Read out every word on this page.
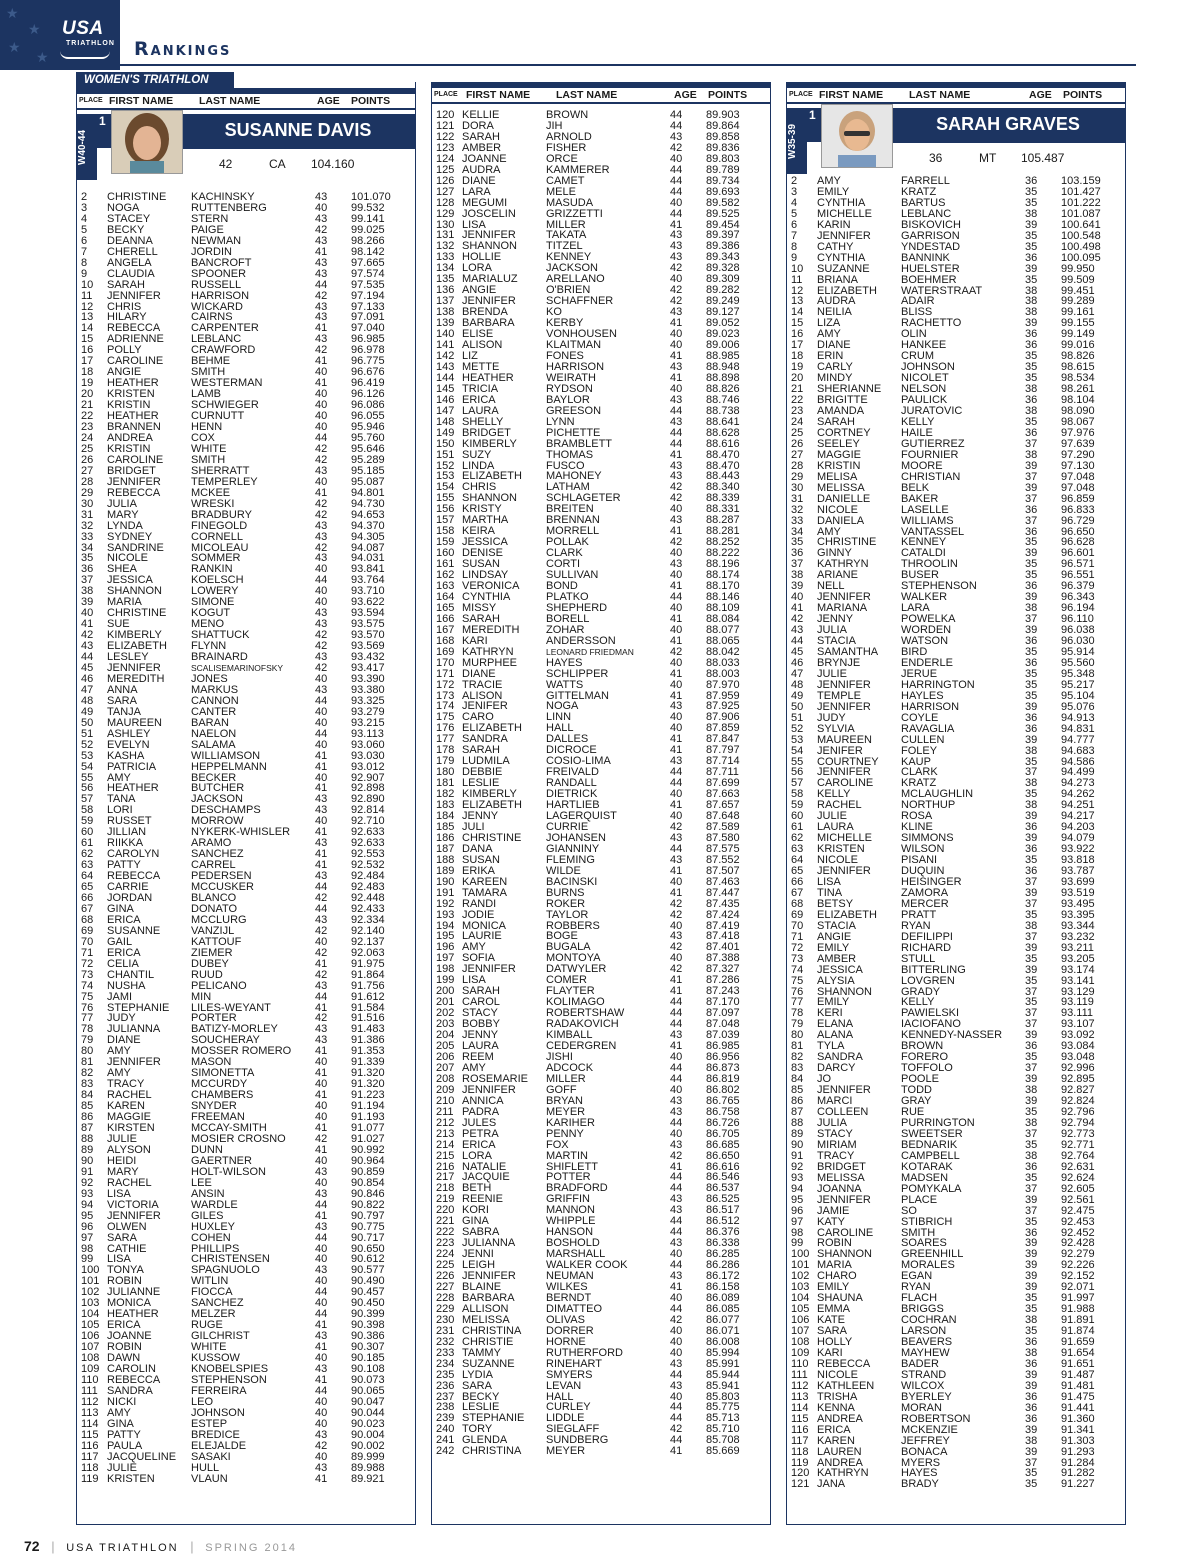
★
★
★
★
USA
TRIATHLON Rankings
WOMEN'S TRIATHLON
PLACE FIRST NAME LAST NAME	AGE POINTS
W40-44
1	SUSANNE DAVIS
42	CA 104.160
2 CHRISTINE KACHINSKY	43 101.070
3 NOGA	RUTTENBERG	40 99.532
4 STACEY	STERN	43 99.141
5 BECKY	PAIGE	42 99.025
6 DEANNA	NEWMAN	43 98.266
7 CHERELL	JORDIN	41 98.142
8 ANGELA	BANCROFT	43 97.665
9 CLAUDIA	SPOONER	43 97.574
10 SARAH	RUSSELL	44 97.535
11 JENNIFER	HARRISON	42 97.194
12 CHRIS	WICKARD	43 97.133
13 HILARY	CAIRNS	43 97.091
14 REBECCA	CARPENTER	41 97.040
15 ADRIENNE LEBLANC	43 96.985
16 POLLY	CRAWFORD	42 96.978
17 CAROLINE	BEHME	41 96.775
18 ANGIE	SMITH	40 96.676
19 HEATHER	WESTERMAN	41 96.419
20 KRISTEN	LAMB	40 96.126
21 KRISTIN	SCHWIEGER	40 96.086
22 HEATHER	CURNUTT	40 96.055
23 BRANNEN	HENN	40 95.946
24 ANDREA	COX	44 95.760
25 KRISTIN	WHITE	42 95.646
26 CAROLINE	SMITH	42 95.289
27 BRIDGET	SHERRATT	43 95.185
28 JENNIFER	TEMPERLEY	40 95.087
29 REBECCA	MCKEE	41 94.801
30 JULIA	WRESKI	42 94.730
31 MARY	BRADBURY	42 94.653
32 LYNDA	FINEGOLD	43 94.370
33 SYDNEY	CORNELL	43 94.305
34 SANDRINE MICOLEAU	42 94.087
35 NICOLE	SOMMER	43 94.031
36 SHEA	RANKIN	40 93.841
37 JESSICA	KOELSCH	44 93.764
38 SHANNON	LOWERY	40 93.710
39 MARIA	SIMONE	40 93.622
40 CHRISTINE KOGUT	43 93.594
41 SUE	MENO	43 93.575
42 KIMBERLY	SHATTUCK	42 93.570
43 ELIZABETH FLYNN	42 93.569
44 LESLEY	BRAINARD	43 93.432
45 JENNIFER	SCALISEMARINOFSKY	42 93.417
46 MEREDITH JONES	40 93.390
47 ANNA	MARKUS	43 93.380
48 SARA	CANNON	44 93.325
49 TANJA	CANTER	40 93.279
50 MAUREEN	BARAN	40 93.215
51 ASHLEY	NAELON	44 93.113
52 EVELYN	SALAMA	40 93.060
53 KASHA	WILLIAMSON	41 93.030
54 PATRICIA	HEPPELMANN	41 93.012
55 AMY	BECKER	40 92.907
56 HEATHER	BUTCHER	41 92.898
57 TANA	JACKSON	43 92.890
58 LORI	DESCHAMPS	43 92.814
59 RUSSET	MORROW	40 92.710
60 JILLIAN	NYKERK-WHISLER 41 92.633
61 RIIKKA	ARAMO	43 92.633
62 CAROLYN	SANCHEZ	41 92.553
63 PATTY	CARREL	41 92.532
64 REBECCA	PEDERSEN	43 92.484
65 CARRIE	MCCUSKER	44 92.483
66 JORDAN	BLANCO	42 92.448
67 GINA	DONATO	44 92.433
68 ERICA	MCCLURG	43 92.334
69 SUSANNE	VANZIJL	42 92.140
70 GAIL	KATTOUF	40 92.137
71 ERICA	ZIEMER	42 92.063
72 CELIA	DUBEY	41 91.975
73 CHANTIL	RUUD	42 91.864
74 NUSHA	PELICANO	43 91.756
75 JAMI	MIN	44 91.612
76 STEPHANIE LILES-WEYANT	41 91.584
77 JUDY	PORTER	42 91.516
78 JULIANNA	BATIZY-MORLEY	43 91.483
79 DIANE	SOUCHERAY	43 91.386
80 AMY	MOSSER ROMERO 41 91.353
81 JENNIFER	MASON	40 91.339
82 AMY	SIMONETTA	41 91.320
83 TRACY	MCCURDY	40 91.320
84 RACHEL	CHAMBERS	41 91.223
85 KAREN	SNYDER	40 91.194
86 MAGGIE	FREEMAN	40 91.193
87 KIRSTEN	MCCAY-SMITH	41 91.077
88 JULIE	MOSIER CROSNO	42 91.027
89 ALYSON	DUNN	41 90.992
90 HEIDI	GAERTNER	40 90.964
91 MARY	HOLT-WILSON	43 90.859
92 RACHEL	LEE	40 90.854
93 LISA	ANSIN	43 90.846
94 VICTORIA	WARDLE	44 90.822
95 JENNIFER	GILES	41 90.797
96 OLWEN	HUXLEY	43 90.775
97 SARA	COHEN	44 90.717
98 CATHIE	PHILLIPS	40 90.650
99 LISA	CHRISTENSEN	40 90.612
100 TONYA	SPAGNUOLO	43 90.577
101 ROBIN	WITLIN	40 90.490
102 JULIANNE	FIOCCA	44 90.457
103 MONICA	SANCHEZ	40 90.450
104 HEATHER	MELZER	44 90.399
105 ERICA	RUGE	41 90.398
106 JOANNE	GILCHRIST	43 90.386
107 ROBIN	WHITE	41 90.307
108 DAWN	KUSSOW	40 90.185
109 CAROLIN	KNOBELSPIES	43 90.108
110 REBECCA	STEPHENSON	41 90.073
111 SANDRA	FERREIRA	44 90.065
112 NICKI	LEO	40 90.047
113 AMY	JOHNSON	40 90.044
114 GINA	ESTEP	40 90.023
115 PATTY	BREDICE	43 90.004
116 PAULA	ELEJALDE	42 90.002
117 JACQUELINE SASAKI	40 89.999
118 JULIE	HULL	43 89.988
119 KRISTEN	VLAUN	41 89.921
PLACE FIRST NAME LAST NAME	AGE POINTS
120 KELLIE	BROWN	44 89.903
121 DORA	JIH	44 89.864
122 SARAH	ARNOLD	43 89.858
123 AMBER	FISHER	42 89.836
124 JOANNE	ORCE	40 89.803
125 AUDRA	KAMMERER	44 89.789
126 DIANE	CAMET	44 89.734
127 LARA	MELE	44 89.693
128 MEGUMI	MASUDA	40 89.582
129 JOSCELIN	GRIZZETTI	44 89.525
130 LISA	MILLER	41 89.454
131 JENNIFER	TAKATA	43 89.397
132 SHANNON	TITZEL	43 89.386
133 HOLLIE	KENNEY	43 89.343
134 LORA	JACKSON	42 89.328
135 MARIALUZ	ARELLANO	40 89.309
136 ANGIE	O'BRIEN	42 89.282
137 JENNIFER	SCHAFFNER	42 89.249
138 BRENDA	KO	43 89.127
139 BARBARA	KERBY	41 89.052
140 ELISE	VONHOUSEN	40 89.023
141 ALISON	KLAITMAN	40 89.006
142 LIZ	FONES	41 88.985
143 METTE	HARRISON	43 88.948
144 HEATHER	WEIRATH	41 88.898
145 TRICIA	RYDSON	40 88.826
146 ERICA	BAYLOR	43 88.746
147 LAURA	GREESON	44 88.738
148 SHELLY	LYNN	43 88.641
149 BRIDGET	PICHETTE	44 88.628
150 KIMBERLY	BRAMBLETT	44 88.616
151 SUZY	THOMAS	41 88.470
152 LINDA	FUSCO	43 88.470
153 ELIZABETH MAHONEY	43 88.443
154 CHRIS	LATHAM	42 88.340
155 SHANNON	SCHLAGETER	42 88.339
156 KRISTY	BREITEN	40 88.331
157 MARTHA	BRENNAN	43 88.287
158 KEIRA	MORRELL	41 88.281
159 JESSICA	POLLAK	42 88.252
160 DENISE	CLARK	40 88.222
161 SUSAN	CORTI	43 88.196
162 LINDSAY	SULLIVAN	40 88.174
163 VERONICA BOND	41 88.170
164 CYNTHIA	PLATKO	44 88.146
165 MISSY	SHEPHERD	40 88.109
166 SARAH	BORELL	41 88.084
167 MEREDITH ZOHAR	40 88.077
168 KARI	ANDERSSON	41 88.065
169 KATHRYN	LEONARD FRIEDMAN	42 88.042
170 MURPHEE	HAYES	40 88.033
171 DIANE	SCHLIPPER	41 88.003
172 TRACIE	WATTS	40 87.970
173 ALISON	GITTELMAN	41 87.959
174 JENIFER	NOGA	43 87.925
175 CARO	LINN	40 87.906
176 ELIZABETH HALL	40 87.859
177 SANDRA	DALLES	41 87.847
178 SARAH	DICROCE	41 87.797
179 LUDMILA	COSIO-LIMA	43 87.714
180 DEBBIE	FREIVALD	44 87.711
181 LESLIE	RANDALL	44 87.699
182 KIMBERLY	DIETRICK	40 87.663
183 ELIZABETH HARTLIEB	41 87.657
184 JENNY	LAGERQUIST	40 87.648
185 JULI	CURRIE	42 87.589
186 CHRISTINE JOHANSEN	43 87.580
187 DANA	GIANNINY	44 87.575
188 SUSAN	FLEMING	43 87.552
189 ERIKA	WILDE	41 87.507
190 KAREEN	BACINSKI	40 87.463
191 TAMARA	BURNS	41 87.447
192 RANDI	ROKER	42 87.435
193 JODIE	TAYLOR	42 87.424
194 MONICA	ROBBERS	40 87.419
195 LAURIE	BOGE	43 87.418
196 AMY	BUGALA	42 87.401
197 SOFIA	MONTOYA	40 87.388
198 JENNIFER	DATWYLER	42 87.327
199 LISA	COMER	41 87.286
200 SARAH	FLAYTER	41 87.243
201 CAROL	KOLIMAGO	44 87.170
202 STACY	ROBERTSHAW	44 87.097
203 BOBBY	RADAKOVICH	44 87.048
204 JENNY	KIMBALL	43 87.039
205 LAURA	CEDERGREN	41 86.985
206 REEM	JISHI	40 86.956
207 AMY	ADCOCK	44 86.873
208 ROSEMARIE MILLER	44 86.819
209 JENNIFER	GOFF	40 86.802
210 ANNICA	BRYAN	43 86.765
211 PADRA	MEYER	43 86.758
212 JULES	KARIHER	44 86.726
213 PETRA	PENNY	40 86.705
214 ERICA	FOX	43 86.685
215 LORA	MARTIN	42 86.650
216 NATALIE	SHIFLETT	41 86.616
217 JACQUIE	POTTER	44 86.546
218 BETH	BRADFORD	44 86.537
219 REENIE	GRIFFIN	43 86.525
220 KORI	MANNON	43 86.517
221 GINA	WHIPPLE	44 86.512
222 SABRA	HANSON	44 86.376
223 JULIANNA	BOSHOLD	43 86.338
224 JENNI	MARSHALL	40 86.285
225 LEIGH	WALKER COOK	44 86.286
226 JENNIFER	NEUMAN	43 86.172
227 BLAINE	WILKES	41 86.158
228 BARBARA	BERNDT	40 86.089
229 ALLISON	DIMATTEO	44 86.085
230 MELISSA	OLIVAS	42 86.077
231 CHRISTINA DORRER	40 86.071
232 CHRISTIE	HORNE	40 86.008
233 TAMMY	RUTHERFORD	40 85.994
234 SUZANNE	RINEHART	43 85.991
235 LYDIA	SMYERS	44 85.944
236 SARA	LEVAN	43 85.941
237 BECKY	HALL	40 85.803
238 LESLIE	CURLEY	44 85.775
239 STEPHANIE LIDDLE	44 85.713
240 TORY	SIEGLAFF	42 85.710
241 GLENDA	SUNDBERG	44 85.708
242 CHRISTINA MEYER	41 85.669
PLACE FIRST NAME LAST NAME	AGE POINTS
W35-39
1	SARAH GRAVES
36	MT 105.487
2 AMY	FARRELL	36 103.159
3 EMILY	KRATZ	35 101.427
4 CYNTHIA	BARTUS	35 101.222
5 MICHELLE	LEBLANC	38 101.087
6 KARIN	BISKOVICH	39 100.641
7 JENNIFER	GARRISON	35 100.548
8 CATHY	YNDESTAD	35 100.498
9 CYNTHIA	BANNINK	36 100.095
10 SUZANNE	HUELSTER	39 99.950
11 BRIANA	BOEHMER	35 99.509
12 ELIZABETH WATERSTRAAT	38 99.451
13 AUDRA	ADAIR	38 99.289
14 NEILIA	BLISS	38 99.161
15 LIZA	RACHETTO	39 99.155
16 AMY	OLIN	36 99.149
17 DIANE	HANKEE	36 99.016
18 ERIN	CRUM	35 98.826
19 CARLY	JOHNSON	35 98.615
20 MINDY	NICOLET	35 98.534
21 SHERIANNE NELSON	38 98.261
22 BRIGITTE	PAULICK	36 98.104
23 AMANDA	JURATOVIC	38 98.090
24 SARAH	KELLY	35 98.067
25 CORTNEY	HAILE	36 97.976
26 SEELEY	GUTIERREZ	37 97.639
27 MAGGIE	FOURNIER	38 97.290
28 KRISTIN	MOORE	39 97.130
29 MELISA	CHRISTIAN	37 97.048
30 MELISSA	BELK	39 97.048
31 DANIELLE	BAKER	37 96.859
32 NICOLE	LASELLE	36 96.833
33 DANIELA	WILLIAMS	37 96.729
34 AMY	VANTASSEL	36 96.650
35 CHRISTINE KENNEY	35 96.628
36 GINNY	CATALDI	39 96.601
37 KATHRYN	THROOLIN	35 96.571
38 ARIANE	BUSER	35 96.551
39 NELL	STEPHENSON	36 96.379
40 JENNIFER	WALKER	39 96.343
41 MARIANA	LARA	38 96.194
42 JENNY	POWELKA	37 96.110
43 JULIA	WORDEN	39 96.038
44 STACIA	WATSON	36 96.030
45 SAMANTHA BIRD	35 95.914
46 BRYNJE	ENDERLE	36 95.560
47 JULIE	JERUE	35 95.348
48 JENNIFER	HARRINGTON	35 95.217
49 TEMPLE	HAYLES	35 95.104
50 JENNIFER	HARRISON	39 95.076
51 JUDY	COYLE	36 94.913
52 SYLVIA	RAVAGLIA	36 94.831
53 MAUREEN	CULLEN	39 94.777
54 JENIFER	FOLEY	38 94.683
55 COURTNEY KAUP	35 94.586
56 JENNIFER	CLARK	37 94.499
57 CAROLINE	KRATZ	38 94.273
58 KELLY	MCLAUGHLIN	35 94.262
59 RACHEL	NORTHUP	38 94.251
60 JULIE	ROSA	39 94.217
61 LAURA	KLINE	36 94.203
62 MICHELLE	SIMMONS	39 94.079
63 KRISTEN	WILSON	36 93.922
64 NICOLE	PISANI	35 93.818
65 JENNIFER	DUQUIN	36 93.787
66 LISA	HEISINGER	37 93.699
67 TINA	ZAMORA	39 93.519
68 BETSY	MERCER	37 93.495
69 ELIZABETH PRATT	35 93.395
70 STACIA	RYAN	38 93.344
71 ANGIE	DEFILIPPI	37 93.232
72 EMILY	RICHARD	39 93.211
73 AMBER	STULL	35 93.205
74 JESSICA	BITTERLING	39 93.174
75 ALYSIA	LOVGREN	35 93.141
76 SHANNON	GRADY	37 93.129
77 EMILY	KELLY	35 93.119
78 KERI	PAWIELSKI	37 93.111
79 ELANA	IACIOFANO	37 93.107
80 ALANA	KENNEDY-NASSER 39 93.092
81 TYLA	BROWN	36 93.084
82 SANDRA	FORERO	35 93.048
83 DARCY	TOFFOLO	37 92.996
84 JO	POOLE	39 92.895
85 JENNIFER	TODD	38 92.827
86 MARCI	GRAY	39 92.824
87 COLLEEN	RUE	35 92.796
88 JULIA	PURRINGTON	38 92.794
89 STACY	SWEETSER	37 92.773
90 MIRIAM	BEDNARIK	35 92.771
91 TRACY	CAMPBELL	38 92.764
92 BRIDGET	KOTARAK	36 92.631
93 MELISSA	MADSEN	35 92.624
94 JOANNA	POMYKALA	37 92.605
95 JENNIFER	PLACE	39 92.561
96 JAMIE	SO	37 92.475
97 KATY	STIBRICH	35 92.453
98 CAROLINE	SMITH	36 92.452
99 ROBIN	SOARES	39 92.428
100 SHANNON	GREENHILL	39 92.279
101 MARIA	MORALES	39 92.226
102 CHARO	EGAN	39 92.152
103 EMILY	RYAN	39 92.071
104 SHAUNA	FLACH	35 91.997
105 EMMA	BRIGGS	35 91.988
106 KATE	COCHRAN	38 91.891
107 SARA	LARSON	35 91.874
108 HOLLY	BEAVERS	36 91.659
109 KARI	MAYHEW	38 91.654
110 REBECCA	BADER	36 91.651
111 NICOLE	STRAND	39 91.487
112 KATHLEEN WILCOX	39 91.481
113 TRISHA	BYERLEY	36 91.475
114 KENNA	MORAN	36 91.441
115 ANDREA	ROBERTSON	36 91.360
116 ERICA	MCKENZIE	39 91.341
117 KAREN	JEFFREY	38 91.303
118 LAUREN	BONACA	39 91.293
119 ANDREA	MYERS	37 91.284
120 KATHRYN	HAYES	35 91.282
121 JANA	BRADY	35 91.227
72 | USA TRIATHLON | SPRING 2014
